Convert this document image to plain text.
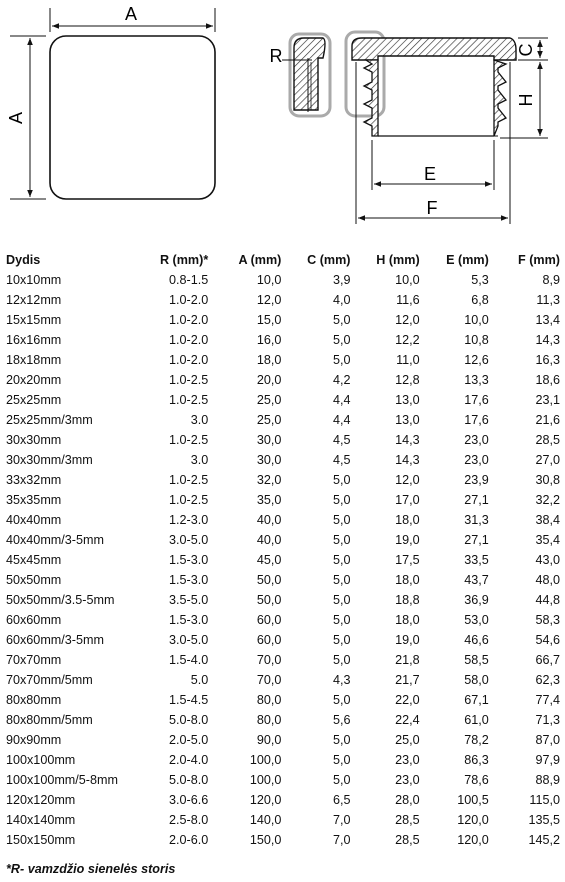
A
A
R	C
H
E
F
Dydis	R (mm)*	A (mm)	C (mm)	H (mm)	E (mm)	F (mm)
10x10mm	0.8-1.5	10,0	3,9	10,0	5,3	8,9
12x12mm	1.0-2.0	12,0	4,0	11,6	6,8	11,3
15x15mm	1.0-2.0	15,0	5,0	12,0	10,0	13,4
16x16mm	1.0-2.0	16,0	5,0	12,2	10,8	14,3
18x18mm	1.0-2.0	18,0	5,0	11,0	12,6	16,3
20x20mm	1.0-2.5	20,0	4,2	12,8	13,3	18,6
25x25mm	1.0-2.5	25,0	4,4	13,0	17,6	23,1
25x25mm/3mm	3.0	25,0	4,4	13,0	17,6	21,6
30x30mm	1.0-2.5	30,0	4,5	14,3	23,0	28,5
30x30mm/3mm	3.0	30,0	4,5	14,3	23,0	27,0
33x32mm	1.0-2.5	32,0	5,0	12,0	23,9	30,8
35x35mm	1.0-2.5	35,0	5,0	17,0	27,1	32,2
40x40mm	1.2-3.0	40,0	5,0	18,0	31,3	38,4
40x40mm/3-5mm	3.0-5.0	40,0	5,0	19,0	27,1	35,4
45x45mm	1.5-3.0	45,0	5,0	17,5	33,5	43,0
50x50mm	1.5-3.0	50,0	5,0	18,0	43,7	48,0
50x50mm/3.5-5mm	3.5-5.0	50,0	5,0	18,8	36,9	44,8
60x60mm	1.5-3.0	60,0	5,0	18,0	53,0	58,3
60x60mm/3-5mm	3.0-5.0	60,0	5,0	19,0	46,6	54,6
70x70mm	1.5-4.0	70,0	5,0	21,8	58,5	66,7
70x70mm/5mm	5.0	70,0	4,3	21,7	58,0	62,3
80x80mm	1.5-4.5	80,0	5,0	22,0	67,1	77,4
80x80mm/5mm	5.0-8.0	80,0	5,6	22,4	61,0	71,3
90x90mm	2.0-5.0	90,0	5,0	25,0	78,2	87,0
100x100mm	2.0-4.0	100,0	5,0	23,0	86,3	97,9
100x100mm/5-8mm	5.0-8.0	100,0	5,0	23,0	78,6	88,9
120x120mm	3.0-6.6	120,0	6,5	28,0	100,5	115,0
140x140mm	2.5-8.0	140,0	7,0	28,5	120,0	135,5
150x150mm	2.0-6.0	150,0	7,0	28,5	120,0	145,2
*R- vamzdžio sienelės storis
